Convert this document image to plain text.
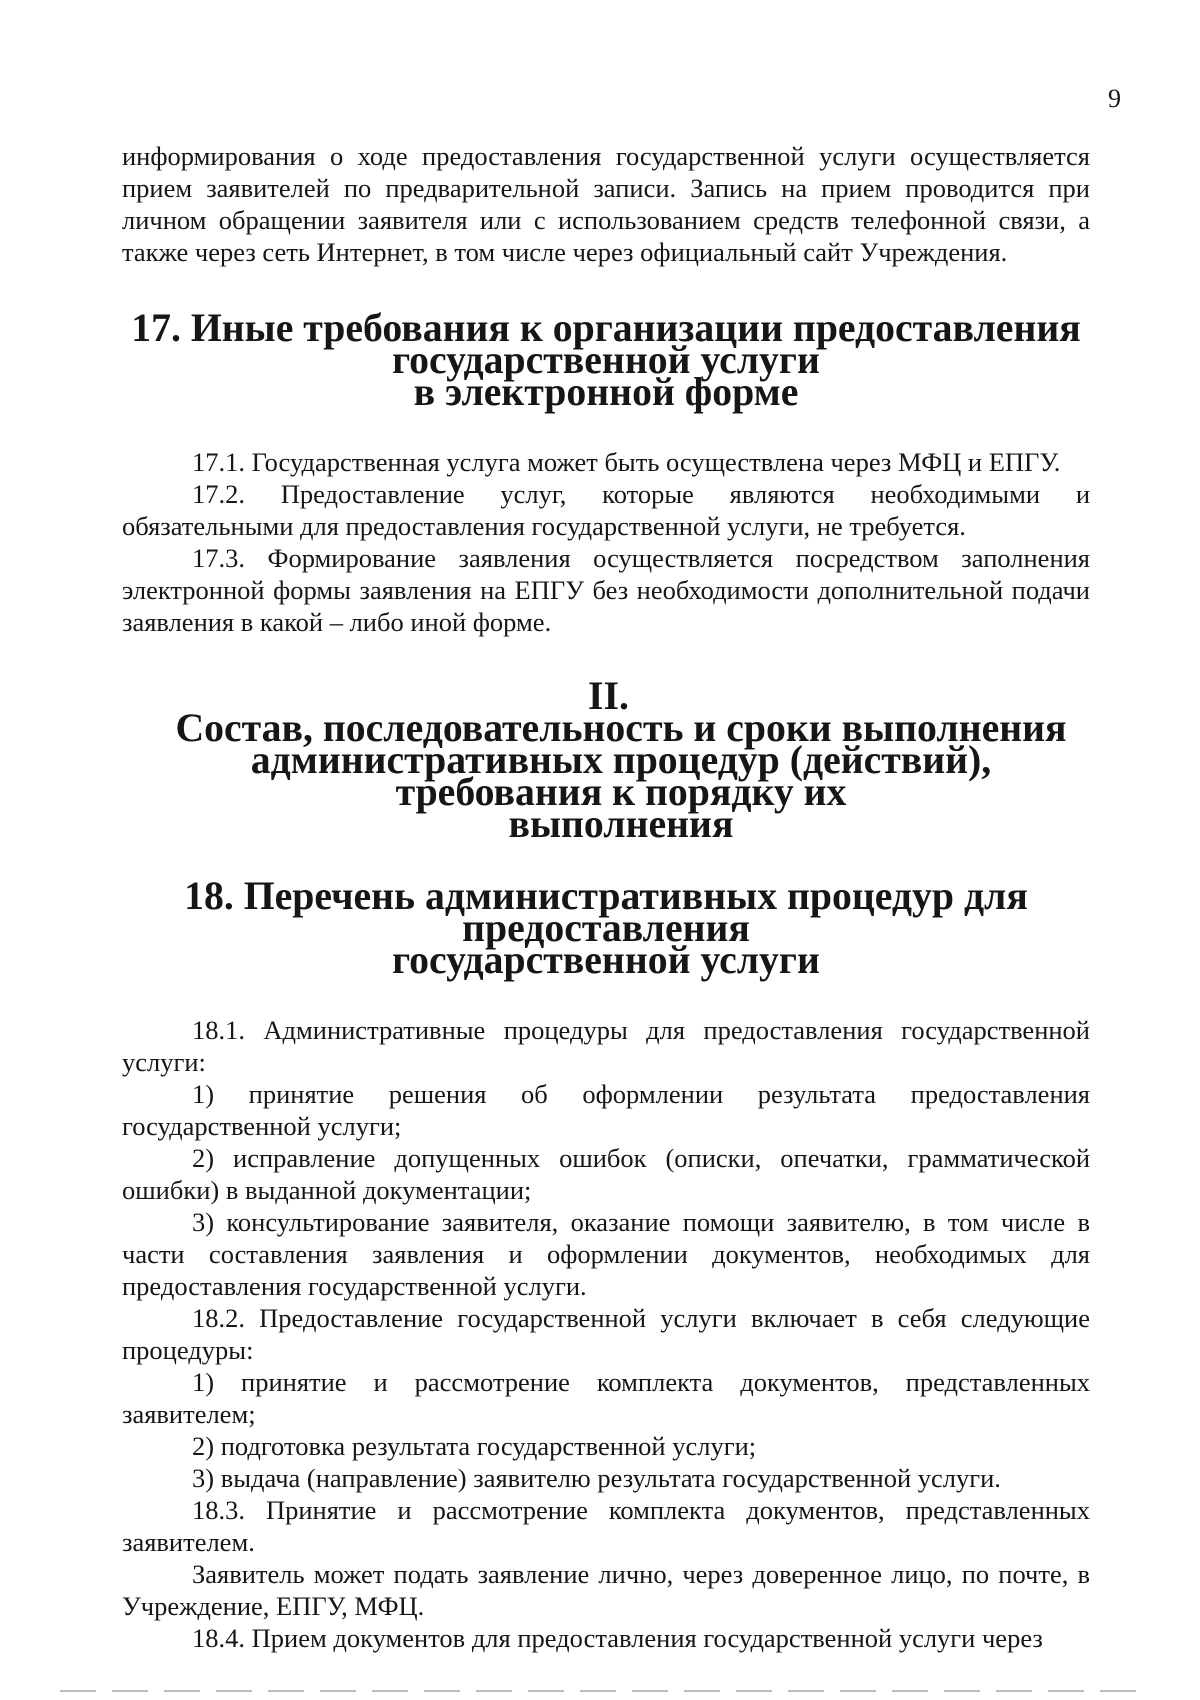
9

информирования о ходе предоставления государственной услуги осуществляется прием заявителей по предварительной записи. Запись на прием проводится при личном обращении заявителя или с использованием средств телефонной связи, а также через сеть Интернет, в том числе через официальный сайт Учреждения.

17. Иные требования к организации предоставления государственной услуги
в электронной форме

17.1. Государственная услуга может быть осуществлена через МФЦ и ЕПГУ.

17.2. Предоставление услуг, которые являются необходимыми и обязательными для предоставления государственной услуги, не требуется.

17.3. Формирование заявления осуществляется посредством заполнения электронной формы заявления на ЕПГУ без необходимости дополнительной подачи заявления в какой – либо иной форме.

II.
Состав, последовательность и сроки выполнения
административных процедур (действий), требования к порядку их
выполнения
18. Перечень административных процедур для предоставления
государственной услуги

18.1. Административные процедуры для предоставления государственной услуги:

1) принятие решения об оформлении результата предоставления государственной услуги;

2) исправление допущенных ошибок (описки, опечатки, грамматической ошибки) в выданной документации;

3) консультирование заявителя, оказание помощи заявителю, в том числе в части составления заявления и оформлении документов, необходимых для предоставления государственной услуги.

18.2. Предоставление государственной услуги включает в себя следующие процедуры:

1) принятие и рассмотрение комплекта документов, представленных заявителем;

2) подготовка результата государственной услуги;

3) выдача (направление) заявителю результата государственной услуги.

18.3. Принятие и рассмотрение комплекта документов, представленных заявителем.

Заявитель может подать заявление лично, через доверенное лицо, по почте, в Учреждение, ЕПГУ, МФЦ.

18.4. Прием документов для предоставления государственной услуги через
